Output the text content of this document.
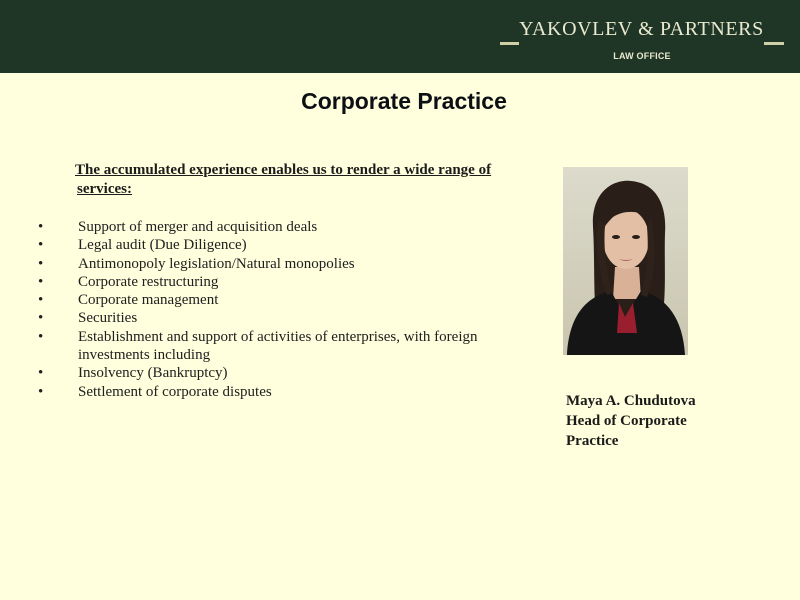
YAKOVLEV & PARTNERS
LAW OFFICE
Corporate Practice

The accumulated experience enables us to render a wide range of services:

•	Support of merger and acquisition deals
•	Legal audit (Due Diligence)
•	Antimonopoly legislation/Natural monopolies
•	Corporate restructuring
•	Corporate management
•	Securities
•	Establishment and support of activities of enterprises, with foreign investments including
•	Insolvency (Bankruptcy)
•	Settlement of corporate disputes
Maya A. Chudutova
Head of Corporate
Practice
